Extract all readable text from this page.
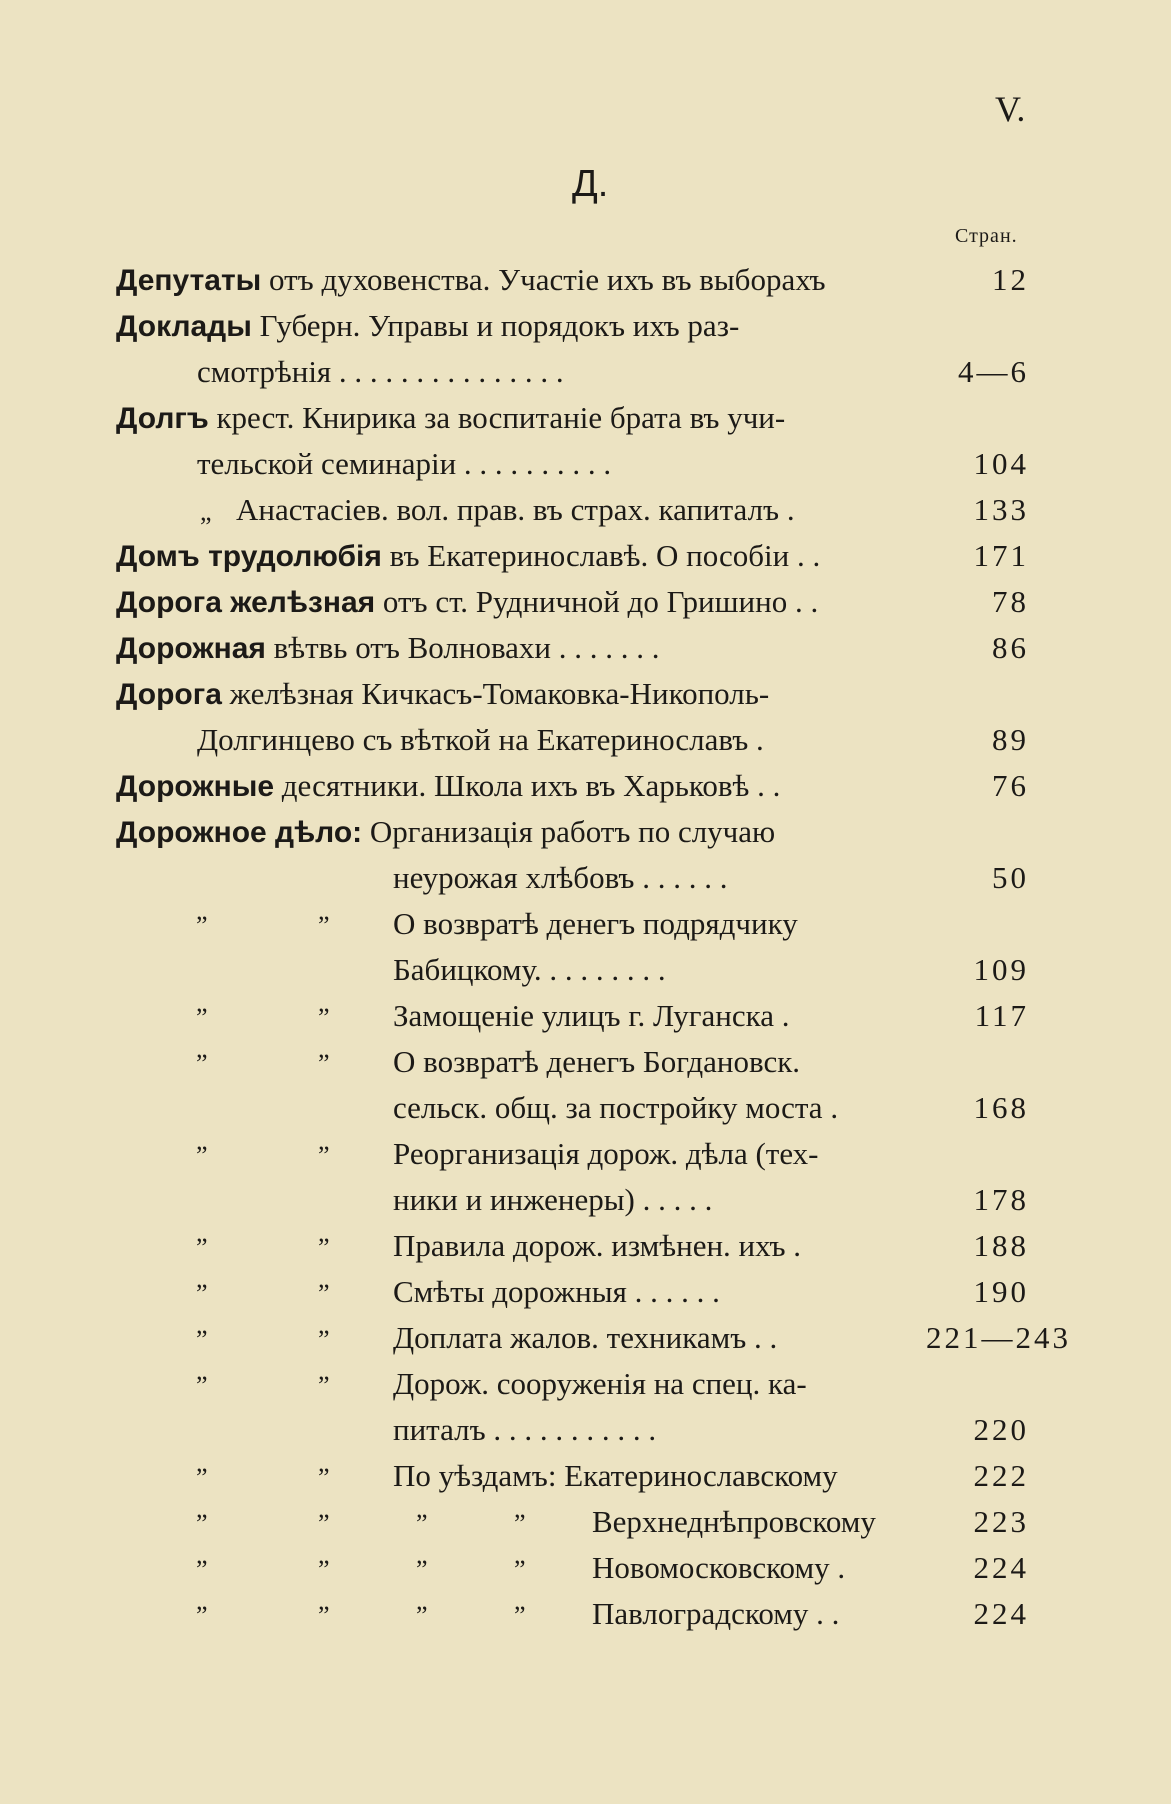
V.
Д.
Стран.
Депутаты отъ духовенства. Участіе ихъ въ выборахъ	12
Доклады Губерн. Управы и порядокъ ихъ раз-
смотрѣнія . . . . . . . . . . . . . . .	4—6
Долгъ крест. Книрика за воспитаніе брата въ учи-
тельской семинаріи . . . . . . . . . .	104
„ Анастасіев. вол. прав. въ страх. капиталъ .	133
Домъ трудолюбія въ Екатеринославѣ. О пособіи . .	171
Дорога желѣзная отъ ст. Рудничной до Гришино . .	78
Дорожная вѣтвь отъ Волновахи . . . . . . .	86
Дорога желѣзная Кичкасъ-Томаковка-Никополь-
Долгинцево съ вѣткой на Екатеринославъ .	89
Дорожные десятники. Школа ихъ въ Харьковѣ . .	76
Дорожное дѣло: Организація работъ по случаю
неурожая хлѣбовъ . . . . . .	50
”	” О возвратѣ денегъ подрядчику
Бабицкому. . . . . . . . .	109
”	” Замощеніе улицъ г. Луганска .	117
”	” О возвратѣ денегъ Богдановск.
сельск. общ. за постройку моста .	168
”	” Реорганизація дорож. дѣла (тех-
ники и инженеры) . . . . .	178
”	” Правила дорож. измѣнен. ихъ .	188
”	” Смѣты дорожныя . . . . . .	190
”	” Доплата жалов. техникамъ . .	221—243
”	” Дорож. сооруженія на спец. ка-
питалъ . . . . . . . . . . .	220
”	” По уѣздамъ: Екатеринославскому	222
”	”	”	” Верхнеднѣпровскому	223
”	”	”	” Новомосковскому .	224
”	”	”	” Павлоградскому . .	224
